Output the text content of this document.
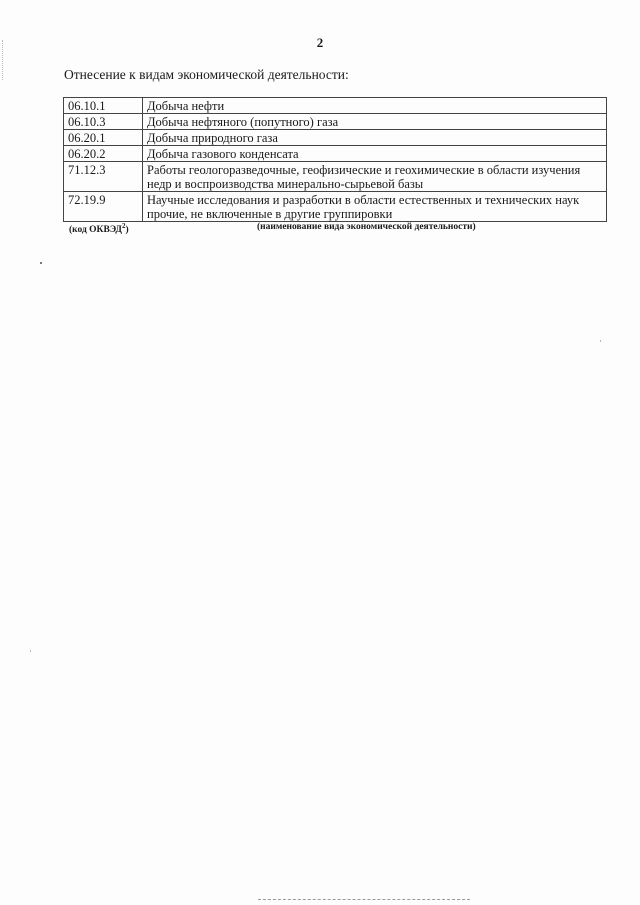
2
Отнесение к видам экономической деятельности:
06.10.1	Добыча нефти
06.10.3	Добыча нефтяного (попутного) газа
06.20.1	Добыча природного газа
06.20.2	Добыча газового конденсата
71.12.3	Работы геологоразведочные, геофизические и геохимические в области изучения недр и воспроизводства минерально-сырьевой базы
72.19.9	Научные исследования и разработки в области естественных и технических наук прочие, не включенные в другие группировки
(код ОКВЭД$^2$)	(наименование вида экономической деятельности)
